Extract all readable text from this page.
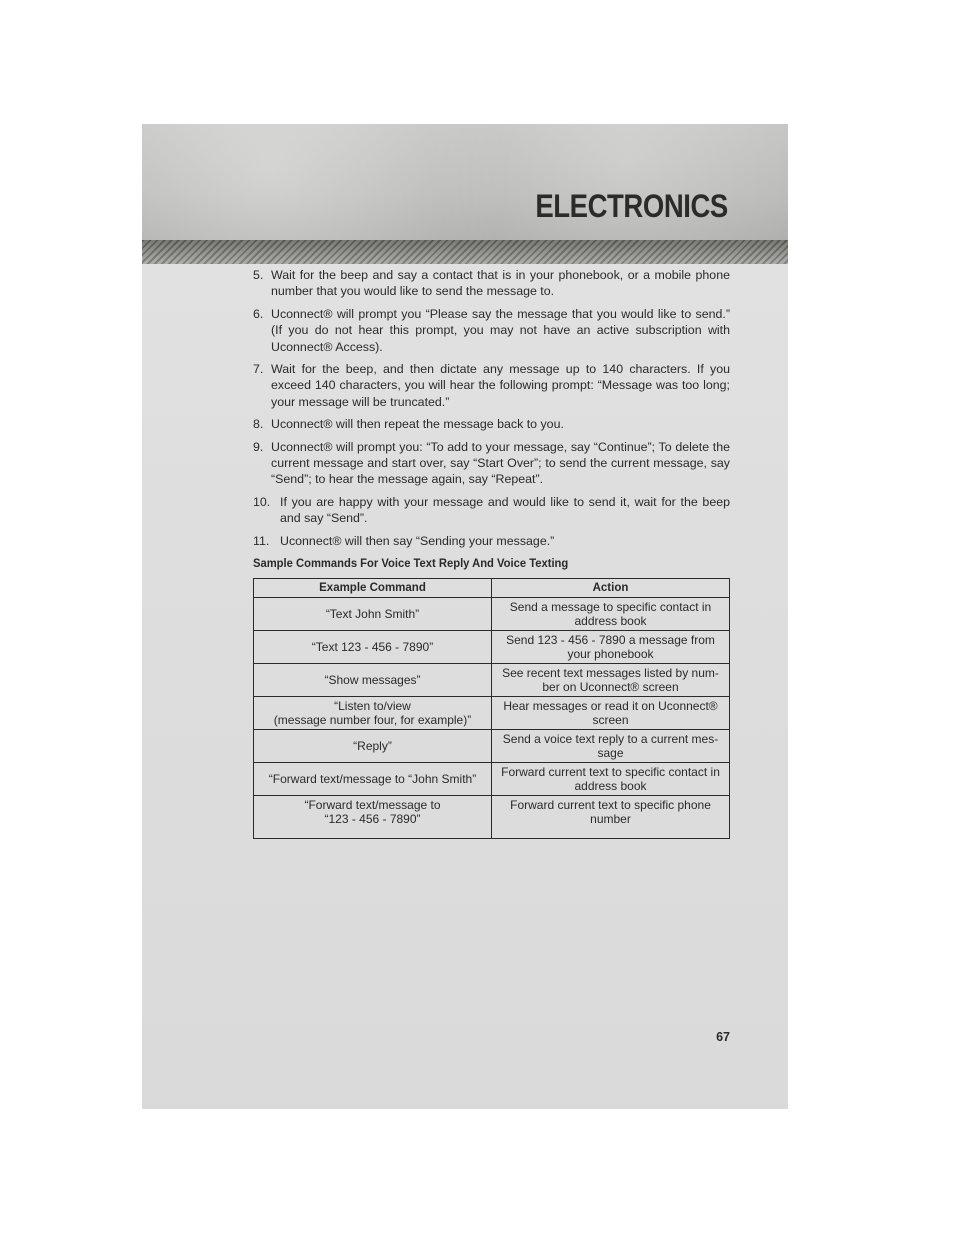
ELECTRONICS
5. Wait for the beep and say a contact that is in your phonebook, or a mobile phone number that you would like to send the message to.
6. Uconnect® will prompt you “Please say the message that you would like to send.” (If you do not hear this prompt, you may not have an active subscription with Uconnect® Access).
7. Wait for the beep, and then dictate any message up to 140 characters. If you exceed 140 characters, you will hear the following prompt: “Message was too long; your message will be truncated.”
8. Uconnect® will then repeat the message back to you.
9. Uconnect® will prompt you: “To add to your message, say “Continue”; To delete the current message and start over, say “Start Over”; to send the current message, say “Send”; to hear the message again, say “Repeat”.
10. If you are happy with your message and would like to send it, wait for the beep and say “Send”.
11. Uconnect® will then say “Sending your message.”
Sample Commands For Voice Text Reply And Voice Texting
Example Command	Action
“Text John Smith”	Send a message to specific contact in address book
“Text 123 - 456 - 7890”	Send 123 - 456 - 7890 a message from your phonebook
“Show messages”	See recent text messages listed by num-ber on Uconnect® screen
“Listen to/view
(message number four, for example)”	Hear messages or read it on Uconnect® screen
“Reply”	Send a voice text reply to a current mes-sage
“Forward text/message to “John Smith”	Forward current text to specific contact in address book
“Forward text/message to
“123 - 456 - 7890”	Forward current text to specific phone number
67
